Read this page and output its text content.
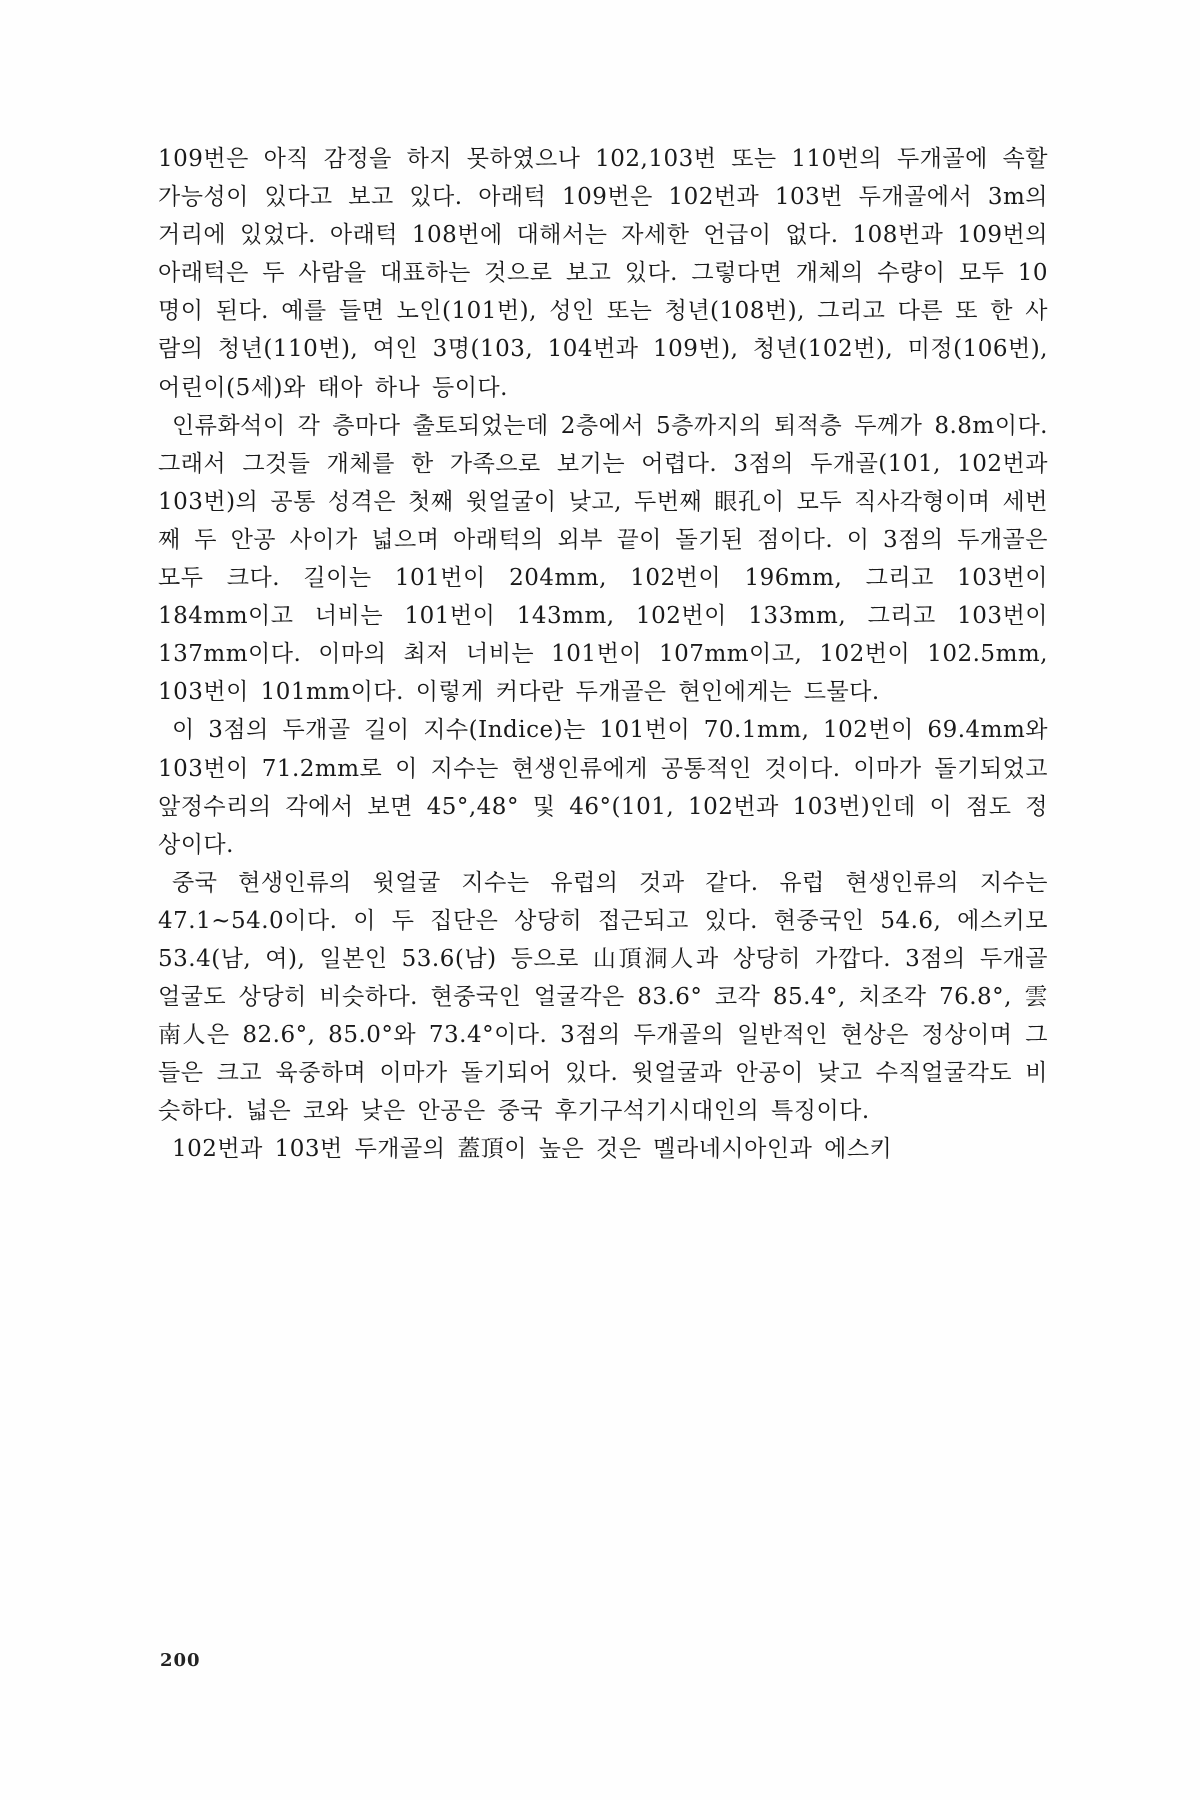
109번은 아직 감정을 하지 못하였으나 102,103번 또는 110번의 두개골에 속할 가능성이 있다고 보고 있다. 아래턱 109번은 102번과 103번 두개골에서 3m의 거리에 있었다. 아래턱 108번에 대해서는 자세한 언급이 없다. 108번과 109번의 아래턱은 두 사람을 대표하는 것으로 보고 있다. 그렇다면 개체의 수량이 모두 10명이 된다. 예를 들면 노인(101번), 성인 또는 청년(108번), 그리고 다른 또 한 사람의 청년(110번), 여인 3명(103, 104번과 109번), 청년(102번), 미정(106번), 어린이(5세)와 태아 하나 등이다.

인류화석이 각 층마다 출토되었는데 2층에서 5층까지의 퇴적층 두께가 8.8m이다. 그래서 그것들 개체를 한 가족으로 보기는 어렵다. 3점의 두개골(101, 102번과 103번)의 공통 성격은 첫째 윗얼굴이 낮고, 두번째 眼孔이 모두 직사각형이며 세번째 두 안공 사이가 넓으며 아래턱의 외부 끝이 돌기된 점이다. 이 3점의 두개골은 모두 크다. 길이는 101번이 204mm, 102번이 196mm, 그리고 103번이 184mm이고 너비는 101번이 143mm, 102번이 133mm, 그리고 103번이 137mm이다. 이마의 최저 너비는 101번이 107mm이고, 102번이 102.5mm, 103번이 101mm이다. 이렇게 커다란 두개골은 현인에게는 드물다.

이 3점의 두개골 길이 지수(Indice)는 101번이 70.1mm, 102번이 69.4mm와 103번이 71.2mm로 이 지수는 현생인류에게 공통적인 것이다. 이마가 돌기되었고 앞정수리의 각에서 보면 45°,48° 및 46°(101, 102번과 103번)인데 이 점도 정상이다.

중국 현생인류의 윗얼굴 지수는 유럽의 것과 같다. 유럽 현생인류의 지수는 47.1~54.0이다. 이 두 집단은 상당히 접근되고 있다. 현중국인 54.6, 에스키모 53.4(남, 여), 일본인 53.6(남) 등으로 山頂洞人과 상당히 가깝다. 3점의 두개골 얼굴도 상당히 비슷하다. 현중국인 얼굴각은 83.6° 코각 85.4°, 치조각 76.8°, 雲南人은 82.6°, 85.0°와 73.4°이다. 3점의 두개골의 일반적인 현상은 정상이며 그들은 크고 육중하며 이마가 돌기되어 있다. 윗얼굴과 안공이 낮고 수직얼굴각도 비슷하다. 넓은 코와 낮은 안공은 중국 후기구석기시대인의 특징이다.

102번과 103번 두개골의 蓋頂이 높은 것은 멜라네시아인과 에스키

200
